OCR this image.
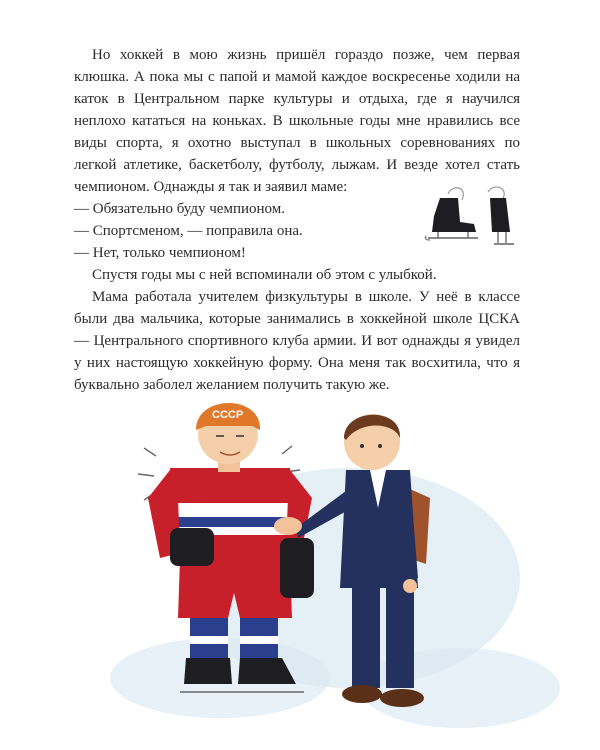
Но хоккей в мою жизнь пришёл гораздо позже, чем первая клюшка. А пока мы с папой и мамой каждое воскресенье ходили на каток в Центральном парке культуры и отдыха, где я научился неплохо кататься на коньках. В школьные годы мне нравились все виды спорта, я охотно выступал в школьных соревнованиях по легкой атлетике, баскетболу, футболу, лыжам. И везде хотел стать чемпионом. Однажды я так и заявил маме:

— Обязательно буду чемпионом.

— Спортсменом, — поправила она.

— Нет, только чемпионом!

Спустя годы мы с ней вспоминали об этом с улыбкой.

Мама работала учителем физкультуры в школе. У неё в классе были два мальчика, которые занимались в хоккейной школе ЦСКА — Центрального спортивного клуба армии. И вот однажды я увидел у них настоящую хоккейную форму. Она меня так восхитила, что я буквально заболел желанием получить такую же.

CCCP
